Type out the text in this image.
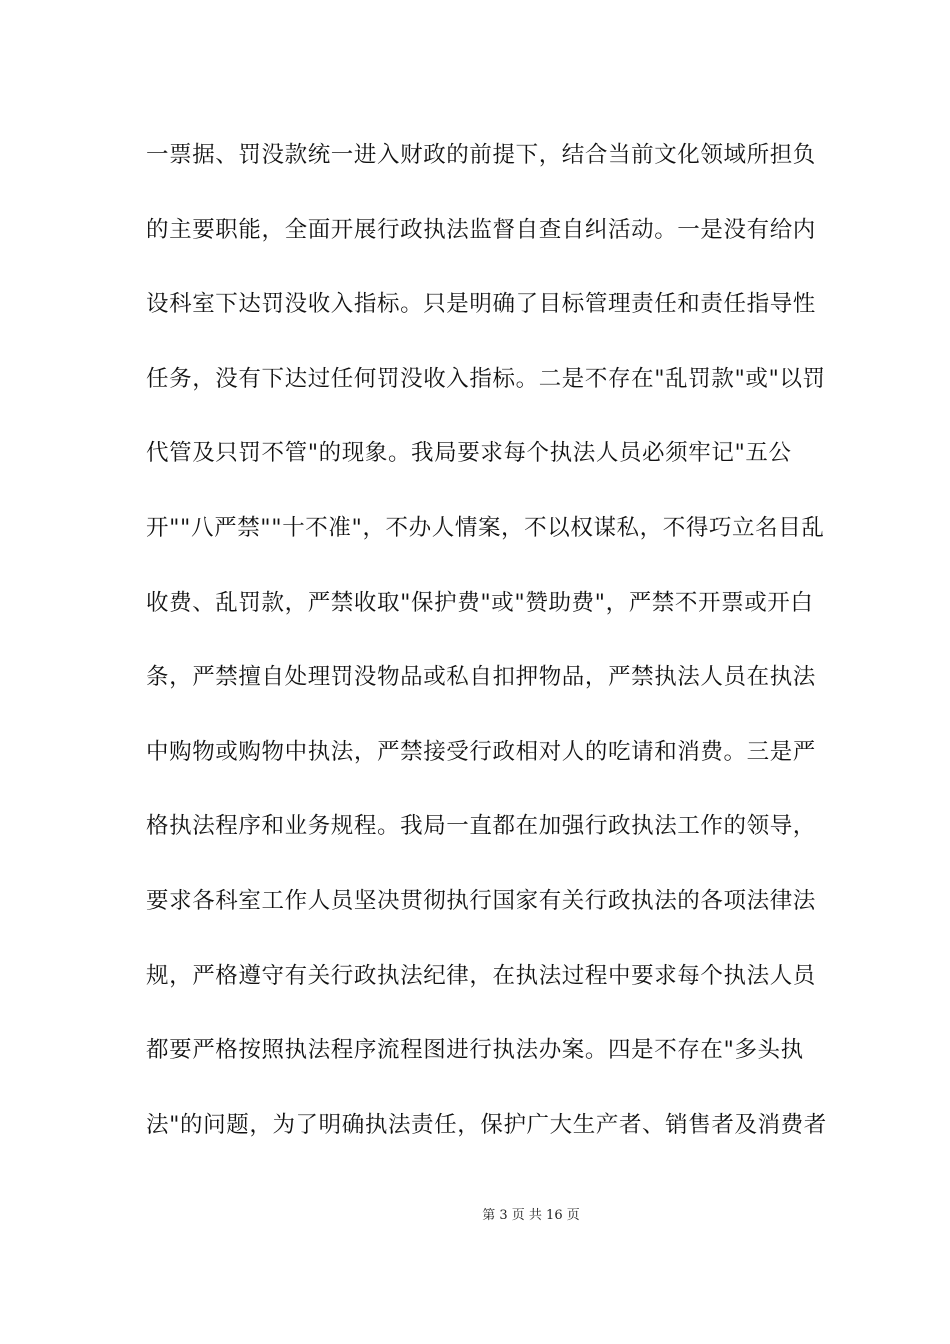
一票据、罚没款统一进入财政的前提下，结合当前文化领域所担负
的主要职能，全面开展行政执法监督自查自纠活动。一是没有给内
设科室下达罚没收入指标。只是明确了目标管理责任和责任指导性
任务，没有下达过任何罚没收入指标。二是不存在"乱罚款"或"以罚
代管及只罚不管"的现象。我局要求每个执法人员必须牢记"五公
开""八严禁""十不准"，不办人情案，不以权谋私，不得巧立名目乱
收费、乱罚款，严禁收取"保护费"或"赞助费"，严禁不开票或开白
条，严禁擅自处理罚没物品或私自扣押物品，严禁执法人员在执法
中购物或购物中执法，严禁接受行政相对人的吃请和消费。三是严
格执法程序和业务规程。我局一直都在加强行政执法工作的领导，
要求各科室工作人员坚决贯彻执行国家有关行政执法的各项法律法
规，严格遵守有关行政执法纪律，在执法过程中要求每个执法人员
都要严格按照执法程序流程图进行执法办案。四是不存在"多头执
法"的问题，为了明确执法责任，保护广大生产者、销售者及消费者
第 3 页 共 16 页
